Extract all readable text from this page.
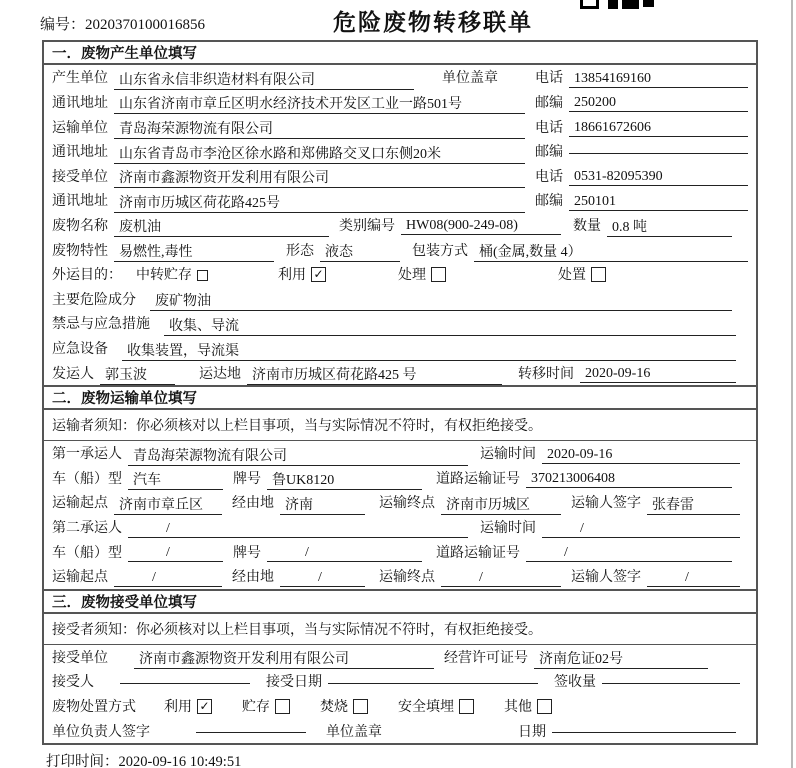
编号：2020370100016856	危险废物转移联单
一．废物产生单位填写
产生单位 山东省永信非织造材料有限公司	单位盖章	电话 13854169160
通讯地址 山东省济南市章丘区明水经济技术开发区工业一路501号	邮编 250200
运输单位 青岛海荣源物流有限公司	电话 18661672606
通讯地址 山东省青岛市李沧区徐水路和郑佛路交叉口东侧20米	邮编
接受单位 济南市鑫源物资开发利用有限公司	电话 0531-82095390
通讯地址 济南市历城区荷花路425号	邮编 250101
废物名称 废机油	类别编号 HW08(900-249-08)	数量 0.8 吨
废物特性 易燃性,毒性	形态 液态	包装方式 桶(金属,数量 4）
外运目的： 中转贮存	利用 ✓	处理	处置
主要危险成分	废矿物油
禁忌与应急措施	收集、导流
应急设备	收集装置，导流渠
发运人 郭玉波	运达地 济南市历城区荷花路425 号	转移时间 2020-09-16
二．废物运输单位填写
运输者须知：你必须核对以上栏目事项，当与实际情况不符时，有权拒绝接受。
第一承运人 青岛海荣源物流有限公司	运输时间 2020-09-16
车（船）型 汽车	牌号 鲁UK8120	道路运输证号 370213006408
运输起点 济南市章丘区	经由地 济南	运输终点 济南市历城区	运输人签字 张春雷
第二承运人	/	运输时间	/
车（船）型	/	牌号	/	道路运输证号	/
运输起点	/	经由地	/	运输终点	/	运输人签字	/
三．废物接受单位填写
接受者须知：你必须核对以上栏目事项，当与实际情况不符时，有权拒绝接受。
接受单位	济南市鑫源物资开发利用有限公司	经营许可证号 济南危证02号
接受人	接受日期	签收量
废物处置方式 利用 ✓ 贮存	焚烧	安全填埋	其他
单位负责人签字	单位盖章	日期
打印时间：2020-09-16 10:49:51
